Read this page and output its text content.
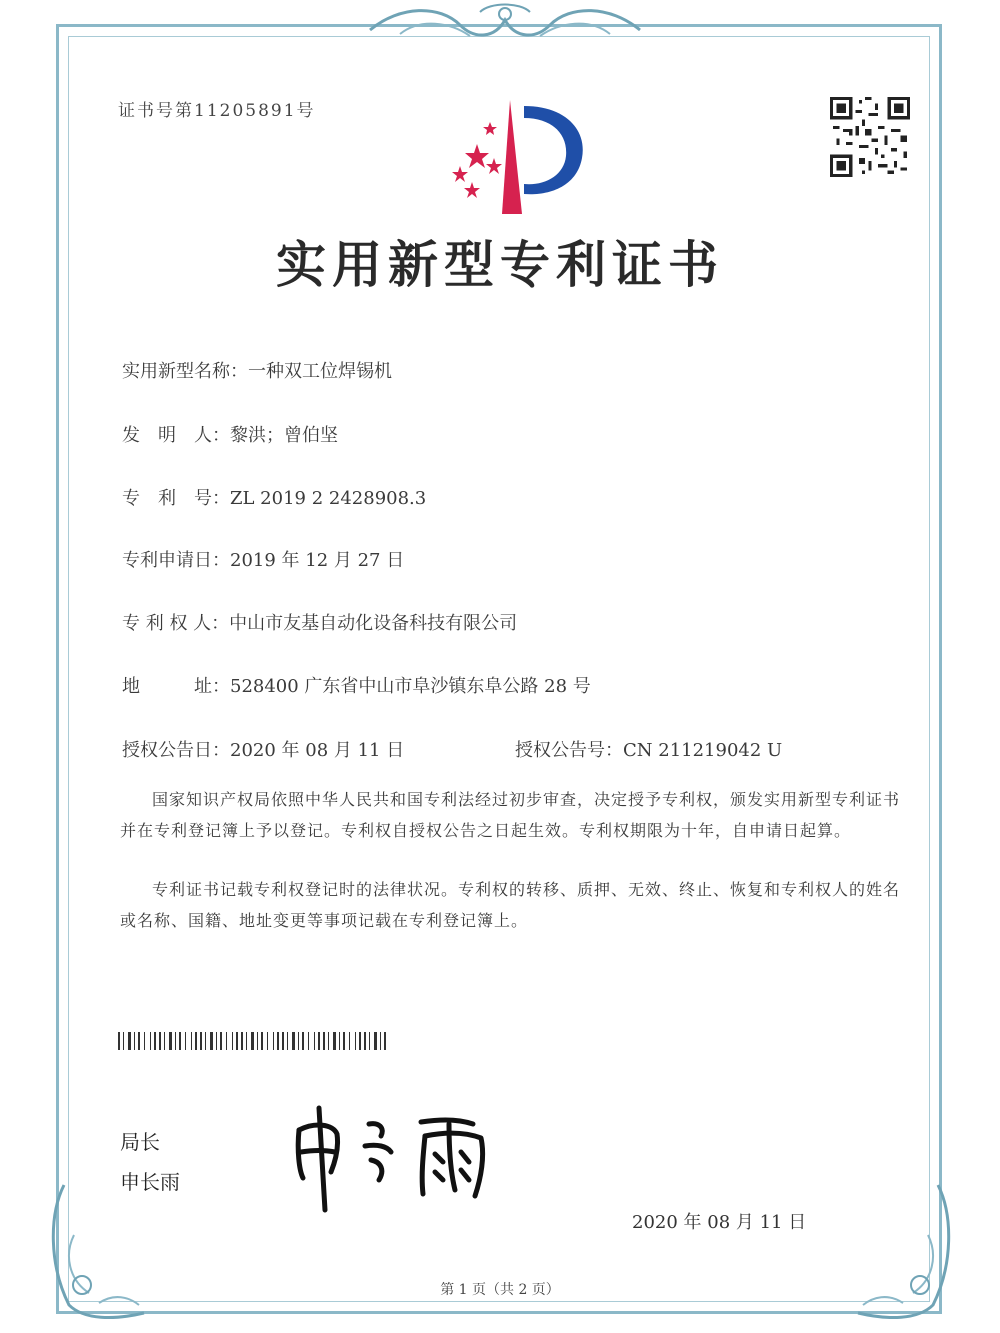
证书号第11205891号
实用新型专利证书
实用新型名称：一种双工位焊锡机
发　明　人：黎洪；曾伯坚
专　利　号：ZL 2019 2 2428908.3
专利申请日：2019 年 12 月 27 日
专 利 权 人：中山市友基自动化设备科技有限公司
地　　　址：528400 广东省中山市阜沙镇东阜公路 28 号
授权公告日：2020 年 08 月 11 日	授权公告号：CN 211219042 U
国家知识产权局依照中华人民共和国专利法经过初步审查，决定授予专利权，颁发实用新型专利证书并在专利登记簿上予以登记。专利权自授权公告之日起生效。专利权期限为十年，自申请日起算。
专利证书记载专利权登记时的法律状况。专利权的转移、质押、无效、终止、恢复和专利权人的姓名或名称、国籍、地址变更等事项记载在专利登记簿上。
局长
申长雨
2020 年 08 月 11 日
第 1 页（共 2 页）
